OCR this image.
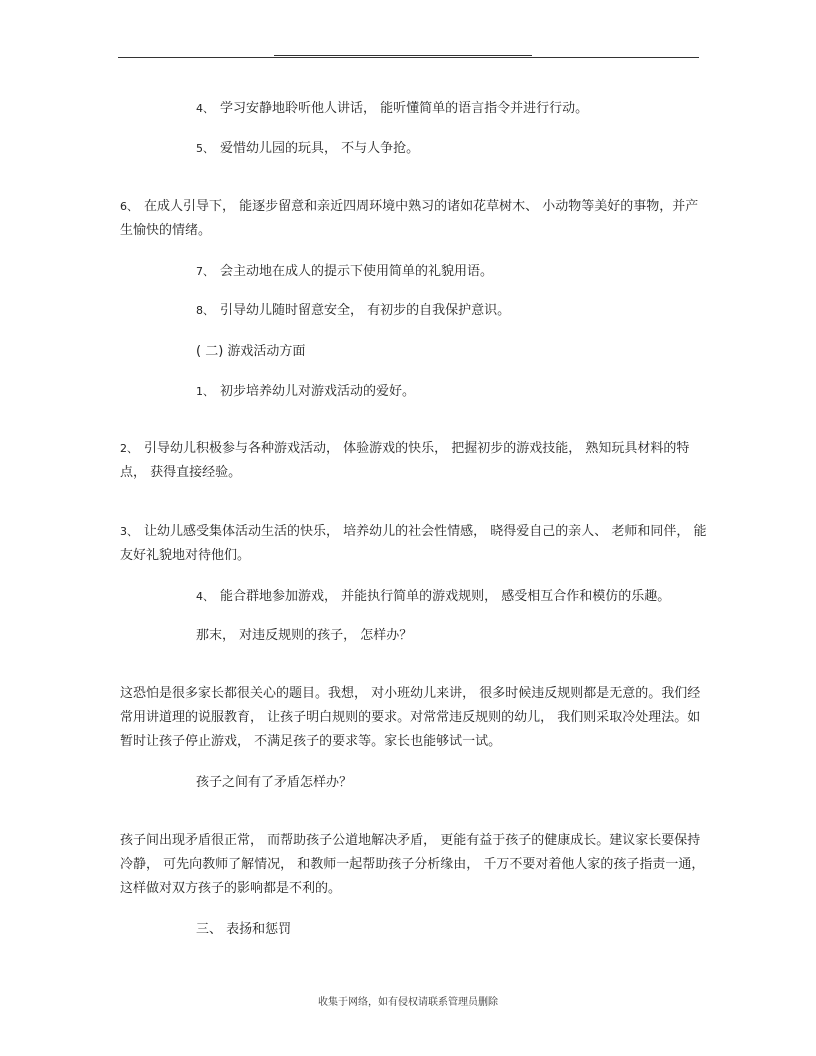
4、 学习安静地聆听他人讲话， 能听懂简单的语言指令并进行行动。
5、 爱惜幼儿园的玩具， 不与人争抢。
6、 在成人引导下， 能逐步留意和亲近四周环境中熟习的诸如花草树木、 小动物等美好的事物，并产生愉快的情绪。
7、 会主动地在成人的提示下使用简单的礼貌用语。
8、 引导幼儿随时留意安全， 有初步的自我保护意识。
( 二) 游戏活动方面
1、 初步培养幼儿对游戏活动的爱好。
2、 引导幼儿积极参与各种游戏活动， 体验游戏的快乐， 把握初步的游戏技能， 熟知玩具材料的特点， 获得直接经验。
3、 让幼儿感受集体活动生活的快乐， 培养幼儿的社会性情感， 晓得爱自己的亲人、 老师和同伴， 能友好礼貌地对待他们。
4、 能合群地参加游戏， 并能执行简单的游戏规则， 感受相互合作和模仿的乐趣。
那末， 对违反规则的孩子， 怎样办？
这恐怕是很多家长都很关心的题目。我想， 对小班幼儿来讲， 很多时候违反规则都是无意的。我们经常用讲道理的说服教育， 让孩子明白规则的要求。对常常违反规则的幼儿， 我们则采取冷处理法。如暂时让孩子停止游戏， 不满足孩子的要求等。家长也能够试一试。
孩子之间有了矛盾怎样办？
孩子间出现矛盾很正常， 而帮助孩子公道地解决矛盾， 更能有益于孩子的健康成长。建议家长要保持冷静， 可先向教师了解情况， 和教师一起帮助孩子分析缘由， 千万不要对着他人家的孩子指责一通， 这样做对双方孩子的影响都是不利的。
三、 表扬和惩罚
收集于网络，如有侵权请联系管理员删除
